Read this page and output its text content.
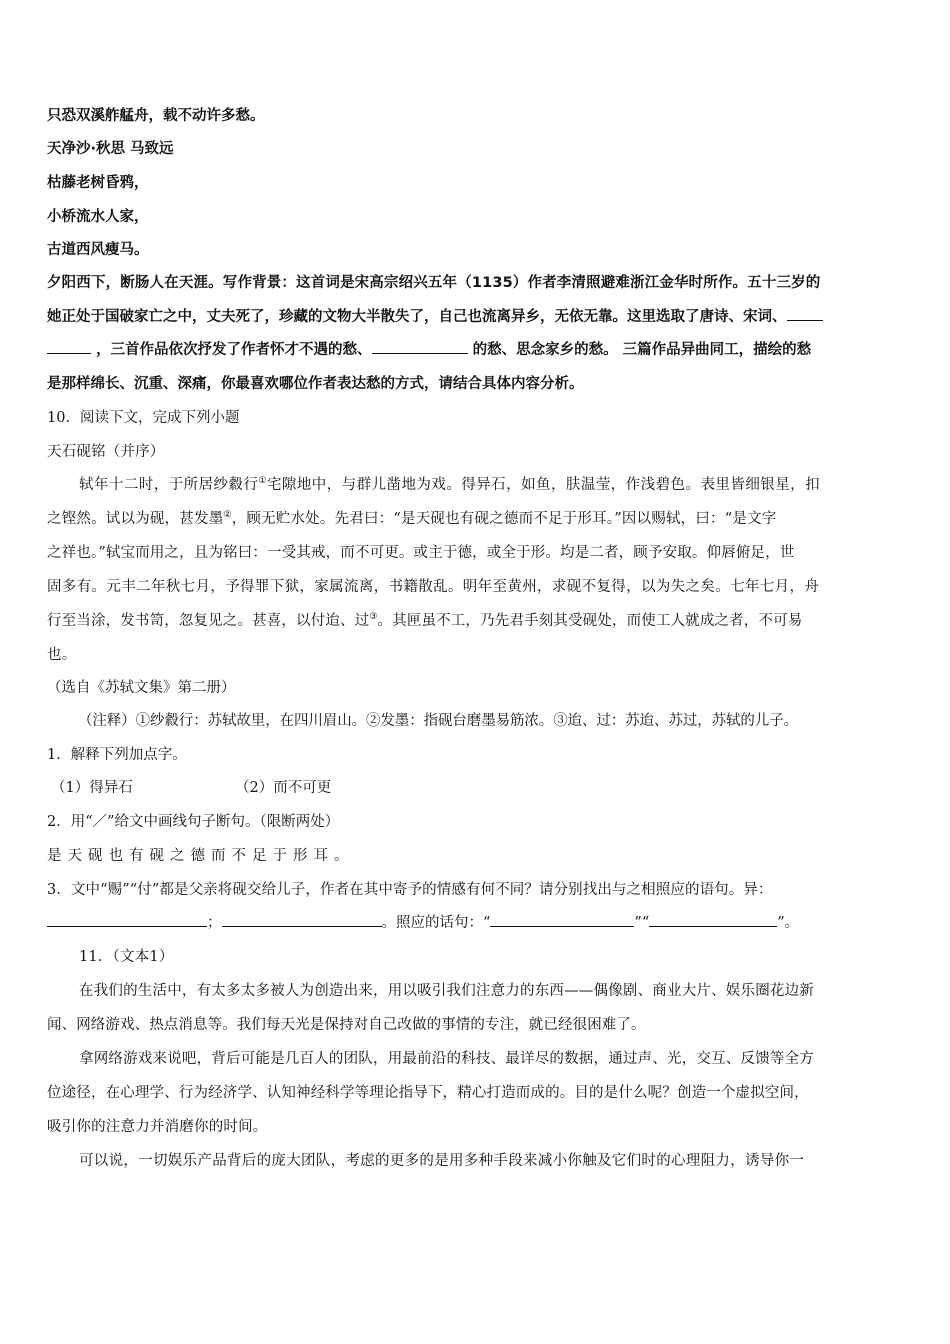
只恐双溪舴艋舟，载不动许多愁。

天净沙·秋思 马致远

枯藤老树昏鸦，

小桥流水人家，

古道西风瘦马。

夕阳西下，断肠人在天涯。写作背景：这首词是宋高宗绍兴五年（1135）作者李清照避难浙江金华时所作。五十三岁的

她正处于国破家亡之中，丈夫死了，珍藏的文物大半散失了，自己也流离异乡，无依无靠。这里选取了唐诗、宋词、

，三首作品依次抒发了作者怀才不遇的愁、	的愁、思念家乡的愁。 三篇作品异曲同工，描绘的愁

是那样绵长、沉重、深痛，你最喜欢哪位作者表达愁的方式，请结合具体内容分析。

10．阅读下文，完成下列小题

天石砚铭（并序）

轼年十二时，于所居纱縠行①宅隙地中，与群儿凿地为戏。得异石，如鱼，肤温莹，作浅碧色。表里皆细银星，扣

之铿然。试以为砚，甚发墨②，顾无贮水处。先君曰：“是天砚也有砚之德而不足于形耳。”因以赐轼，曰：“是文字

之祥也。”轼宝而用之，且为铭曰：一受其戒，而不可更。或主于德，或全于形。均是二者，顾予安取。仰唇俯足，世

固多有。元丰二年秋七月，予得罪下狱，家属流离，书籍散乱。明年至黄州，求砚不复得，以为失之矣。七年七月，舟

行至当涂，发书笥，忽复见之。甚喜，以付迨、过③。其匣虽不工，乃先君手刻其受砚处，而使工人就成之者，不可易

也。

（选自《苏轼文集》第二册）

（注释）①纱縠行：苏轼故里，在四川眉山。②发墨：指砚台磨墨易筋浓。③迨、过：苏迨、苏过，苏轼的儿子。

1．解释下列加点字。

（1）得异石	（2）而不可更

2．用“／”给文中画线句子断句。（限断两处）

是天砚也有砚之德而不足于形耳。

3．文中“赐”“付”都是父亲将砚交给儿子，作者在其中寄予的情感有何不同？请分别找出与之相照应的语句。异：

；	。照应的话句：“	”“	”。

11．（文本1）

在我们的生活中，有太多太多被人为创造出来，用以吸引我们注意力的东西——偶像剧、商业大片、娱乐圈花边新

闻、网络游戏、热点消息等。我们每天光是保持对自己改做的事情的专注，就已经很困难了。

拿网络游戏来说吧，背后可能是几百人的团队，用最前沿的科技、最详尽的数据，通过声、光，交互、反馈等全方

位途径，在心理学、行为经济学、认知神经科学等理论指导下，精心打造而成的。目的是什么呢？创造一个虚拟空间，

吸引你的注意力并消磨你的时间。

可以说，一切娱乐产品背后的庞大团队，考虑的更多的是用多种手段来减小你触及它们时的心理阻力，诱导你一
